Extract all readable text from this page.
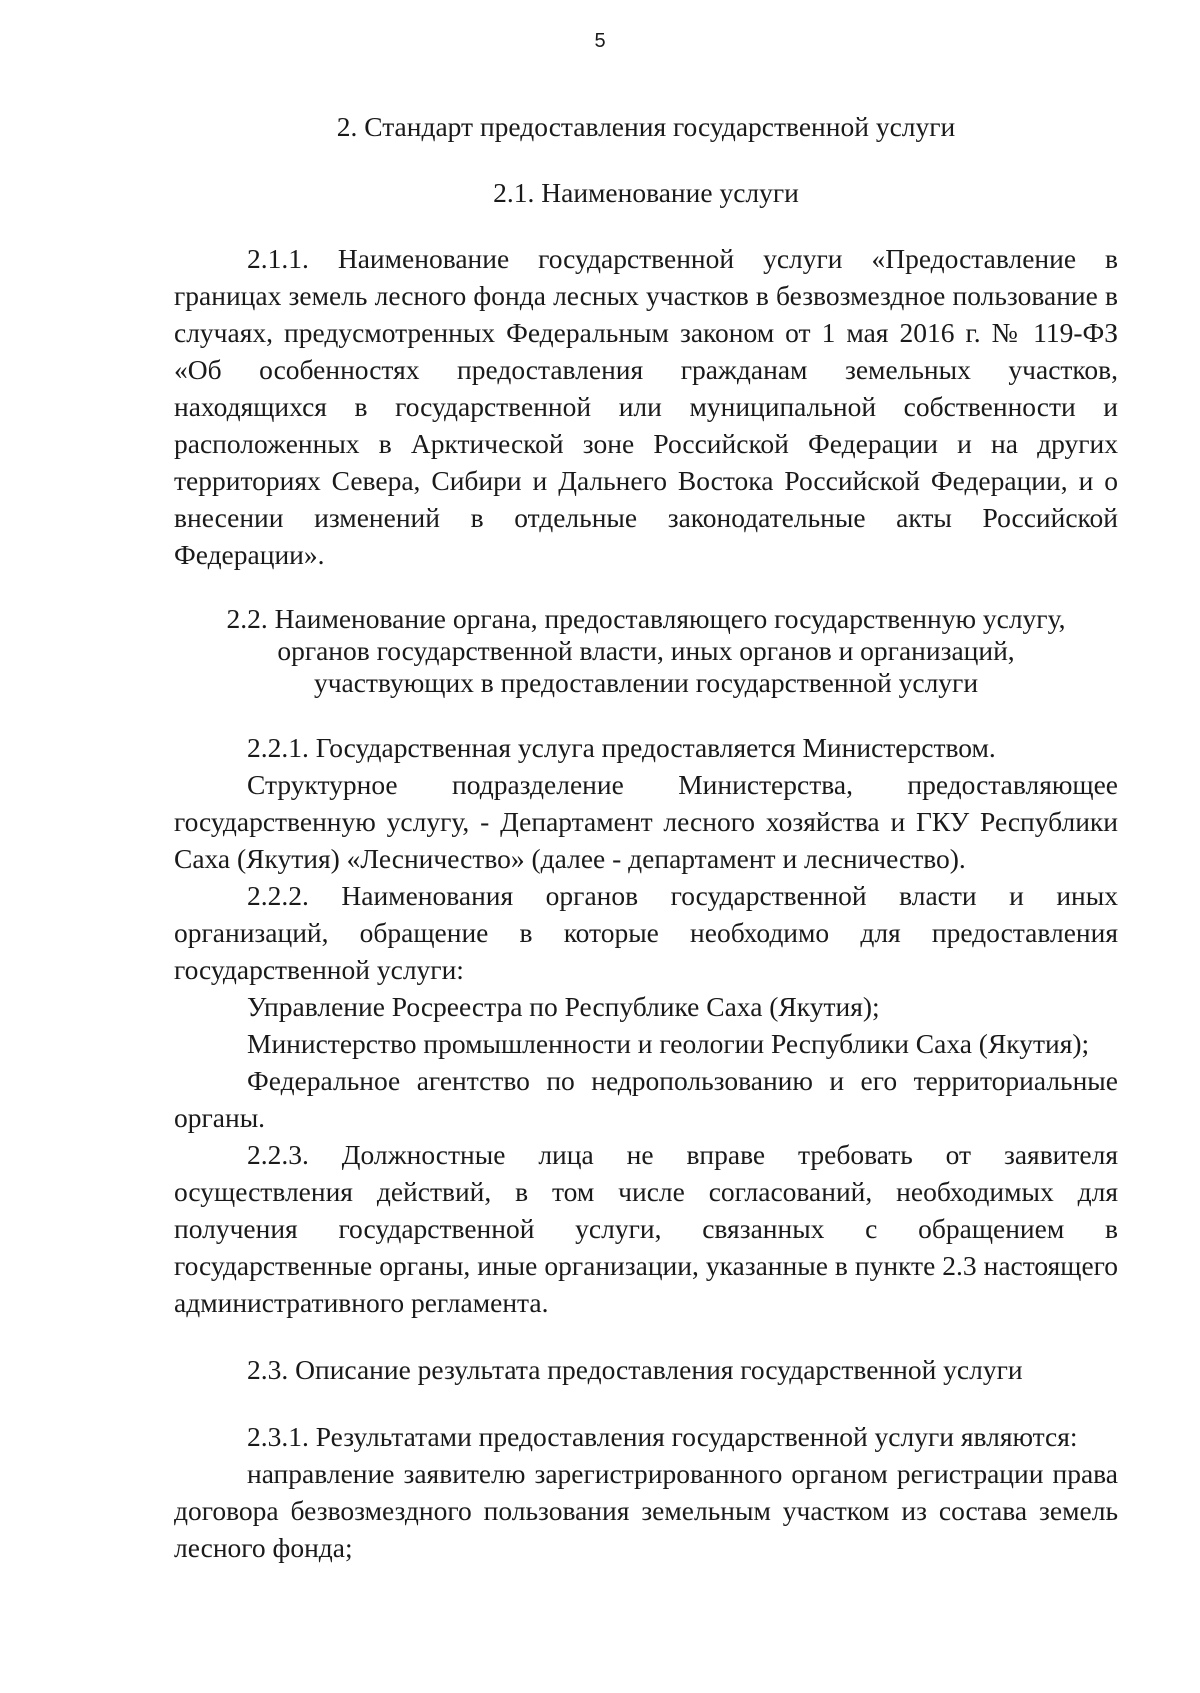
5

2. Стандарт предоставления государственной услуги

2.1. Наименование услуги

2.1.1. Наименование государственной услуги «Предоставление в границах земель лесного фонда лесных участков в безвозмездное пользование в случаях, предусмотренных Федеральным законом от 1 мая 2016 г. № 119-ФЗ «Об особенностях предоставления гражданам земельных участков, находящихся в государственной или муниципальной собственности и расположенных в Арктической зоне Российской Федерации и на других территориях Севера, Сибири и Дальнего Востока Российской Федерации, и о внесении изменений в отдельные законодательные акты Российской Федерации».

2.2. Наименование органа, предоставляющего государственную услугу,

органов государственной власти, иных органов и организаций,

участвующих в предоставлении государственной услуги

2.2.1. Государственная услуга предоставляется Министерством.

Структурное подразделение Министерства, предоставляющее государственную услугу, - Департамент лесного хозяйства и ГКУ Республики Саха (Якутия) «Лесничество» (далее - департамент и лесничество).

2.2.2. Наименования органов государственной власти и иных организаций, обращение в которые необходимо для предоставления государственной услуги:

Управление Росреестра по Республике Саха (Якутия);

Министерство промышленности и геологии Республики Саха (Якутия);

Федеральное агентство по недропользованию и его территориальные органы.

2.2.3. Должностные лица не вправе требовать от заявителя осуществления действий, в том числе согласований, необходимых для получения государственной услуги, связанных с обращением в государственные органы, иные организации, указанные в пункте 2.3 настоящего административного регламента.

2.3. Описание результата предоставления государственной услуги

2.3.1. Результатами предоставления государственной услуги являются:

направление заявителю зарегистрированного органом регистрации права договора безвозмездного пользования земельным участком из состава земель лесного фонда;
